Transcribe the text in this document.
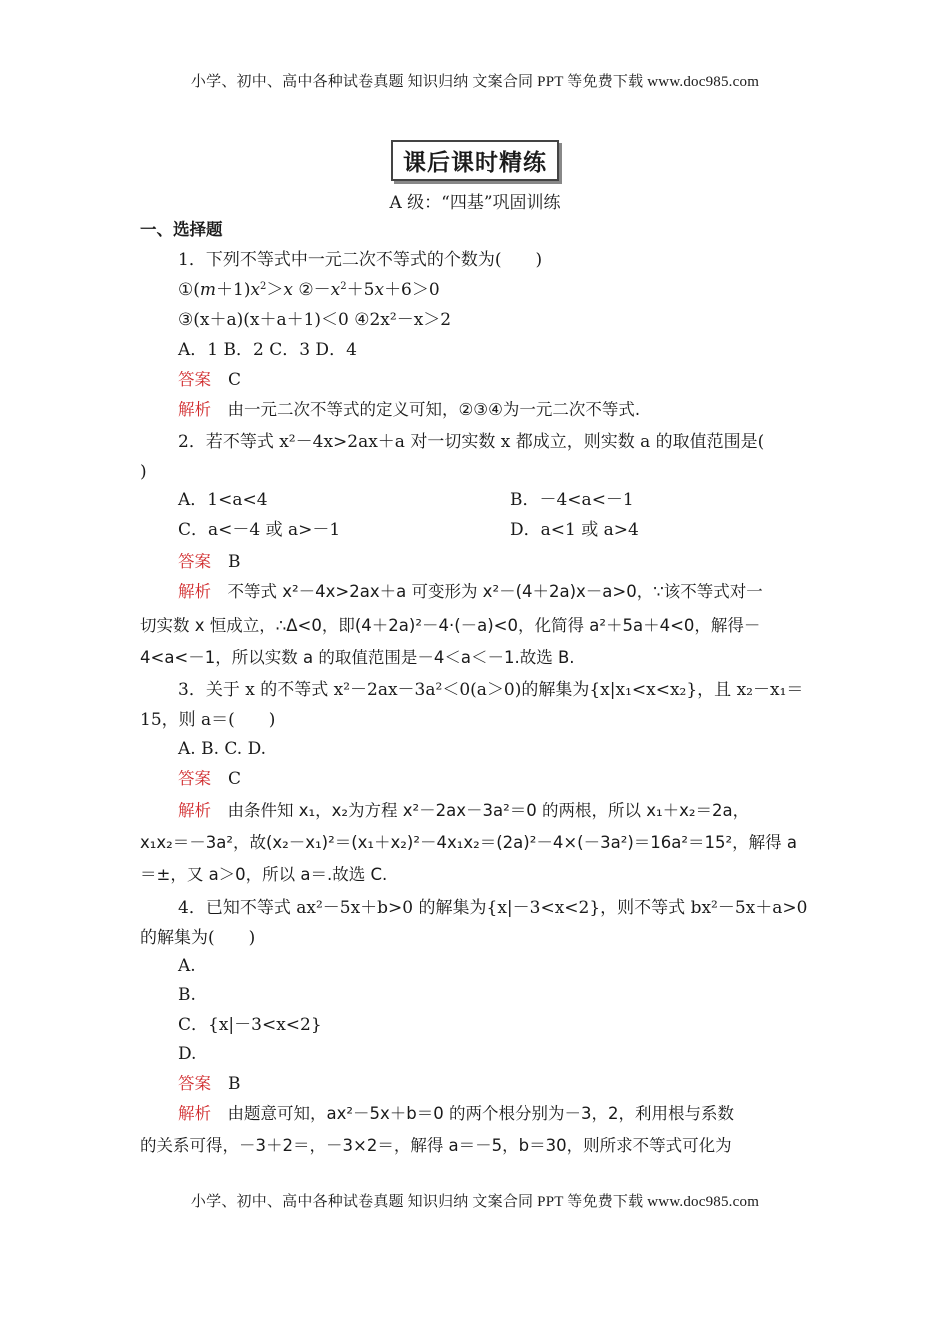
小学、初中、高中各种试卷真题 知识归纳 文案合同 PPT 等免费下载 www.doc985.com
课后课时精练
A 级：“四基”巩固训练
一、选择题
1．下列不等式中一元二次不等式的个数为(　　)
$①(m+1)x^2>x$ $②-x^2+5x+6>0$
③(x＋a)(x＋a＋1)＜0 ④2x²－x＞2
A．1 B．2 C．3 D．4
答案　 C
解析　 由一元二次不等式的定义可知，②③④为一元二次不等式.
2．若不等式 x²－4x>2ax＋a 对一切实数 x 都成立，则实数 a 的取值范围是(
)
A．1<a<4	B．－4<a<－1
C．a<－4 或 a>－1	D．a<1 或 a>4
答案　 B
解析　 不等式 x²－4x>2ax＋a 可变形为 x²－(4＋2a)x－a>0，∵该不等式对一
切实数 x 恒成立，∴Δ<0，即(4＋2a)²－4·(－a)<0，化简得 a²＋5a＋4<0，解得－
4<a<－1，所以实数 a 的取值范围是－4＜a＜－1.故选 B.
3．关于 x 的不等式 x²－2ax－3a²＜0(a＞0)的解集为{x|x₁<x<x₂}，且 x₂－x₁＝
15，则 a＝(　　)
A. B. C. D.
答案　 C
解析　 由条件知 x₁，x₂为方程 x²－2ax－3a²＝0 的两根，所以 x₁＋x₂＝2a，
x₁x₂＝－3a²，故(x₂－x₁)²＝(x₁＋x₂)²－4x₁x₂＝(2a)²－4×(－3a²)＝16a²＝15²，解得 a
＝±，又 a＞0，所以 a＝.故选 C.
4．已知不等式 ax²－5x＋b>0 的解集为{x|－3<x<2}，则不等式 bx²－5x＋a>0
的解集为(　　)
A.
B.
C．{x|－3<x<2}
D.
答案　 B
解析　 由题意可知，ax²－5x＋b＝0 的两个根分别为－3，2，利用根与系数
的关系可得，－3＋2＝，－3×2＝，解得 a＝－5，b＝30，则所求不等式可化为
小学、初中、高中各种试卷真题 知识归纳 文案合同 PPT 等免费下载 www.doc985.com
